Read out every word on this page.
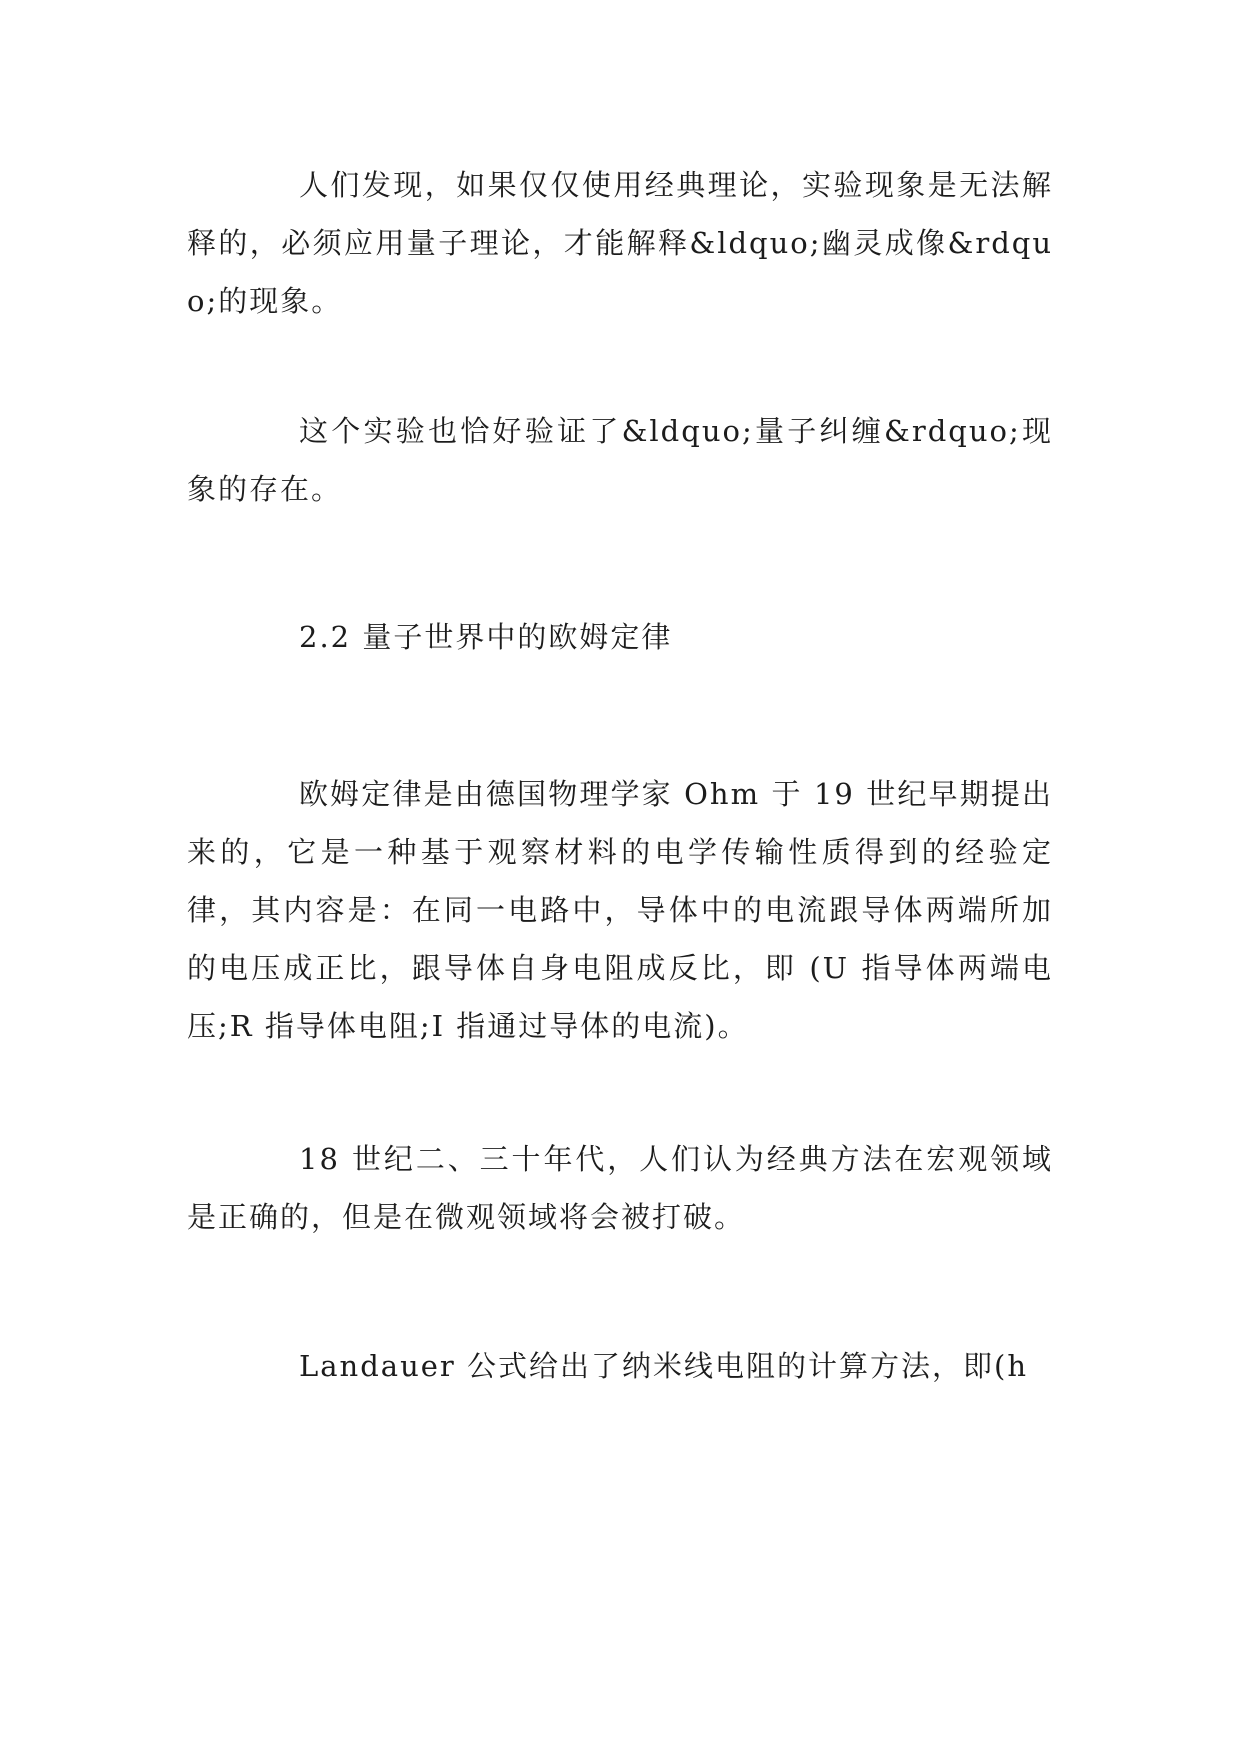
人们发现，如果仅仅使用经典理论，实验现象是无法解释的，必须应用量子理论，才能解释&ldquo;幽灵成像&rdquo;的现象。

这个实验也恰好验证了&ldquo;量子纠缠&rdquo;现象的存在。

2.2 量子世界中的欧姆定律

欧姆定律是由德国物理学家 Ohm 于 19 世纪早期提出来的，它是一种基于观察材料的电学传输性质得到的经验定律，其内容是：在同一电路中，导体中的电流跟导体两端所加的电压成正比，跟导体自身电阻成反比，即 (U 指导体两端电压;R 指导体电阻;I 指通过导体的电流)。

18 世纪二、三十年代，人们认为经典方法在宏观领域是正确的，但是在微观领域将会被打破。

Landauer 公式给出了纳米线电阻的计算方法，即(h
